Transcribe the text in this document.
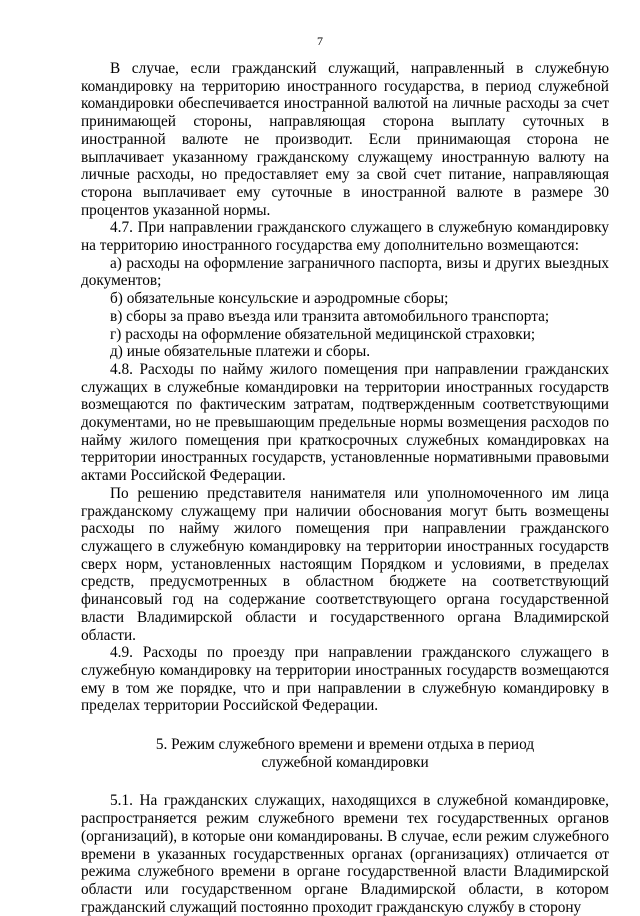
7

В случае, если гражданский служащий, направленный в служебную командировку на территорию иностранного государства, в период служебной командировки обеспечивается иностранной валютой на личные расходы за счет принимающей стороны, направляющая сторона выплату суточных в иностранной валюте не производит. Если принимающая сторона не выплачивает указанному гражданскому служащему иностранную валюту на личные расходы, но предоставляет ему за свой счет питание, направляющая сторона выплачивает ему суточные в иностранной валюте в размере 30 процентов указанной нормы.

4.7. При направлении гражданского служащего в служебную командировку на территорию иностранного государства ему дополнительно возмещаются:

а) расходы на оформление заграничного паспорта, визы и других выездных документов;

б) обязательные консульские и аэродромные сборы;

в) сборы за право въезда или транзита автомобильного транспорта;

г) расходы на оформление обязательной медицинской страховки;

д) иные обязательные платежи и сборы.

4.8. Расходы по найму жилого помещения при направлении гражданских служащих в служебные командировки на территории иностранных государств возмещаются по фактическим затратам, подтвержденным соответствующими документами, но не превышающим предельные нормы возмещения расходов по найму жилого помещения при краткосрочных служебных командировках на территории иностранных государств, установленные нормативными правовыми актами Российской Федерации.

По решению представителя нанимателя или уполномоченного им лица гражданскому служащему при наличии обоснования могут быть возмещены расходы по найму жилого помещения при направлении гражданского служащего в служебную командировку на территории иностранных государств сверх норм, установленных настоящим Порядком и условиями, в пределах средств, предусмотренных в областном бюджете на соответствующий финансовый год на содержание соответствующего органа государственной власти Владимирской области и государственного органа Владимирской области.

4.9. Расходы по проезду при направлении гражданского служащего в служебную командировку на территории иностранных государств возмещаются ему в том же порядке, что и при направлении в служебную командировку в пределах территории Российской Федерации.

5. Режим служебного времени и времени отдыха в период
служебной командировки

5.1. На гражданских служащих, находящихся в служебной командировке, распространяется режим служебного времени тех государственных органов (организаций), в которые они командированы. В случае, если режим служебного времени в указанных государственных органах (организациях) отличается от режима служебного времени в органе государственной власти Владимирской области или государственном органе Владимирской области, в котором гражданский служащий постоянно проходит гражданскую службу в сторону
